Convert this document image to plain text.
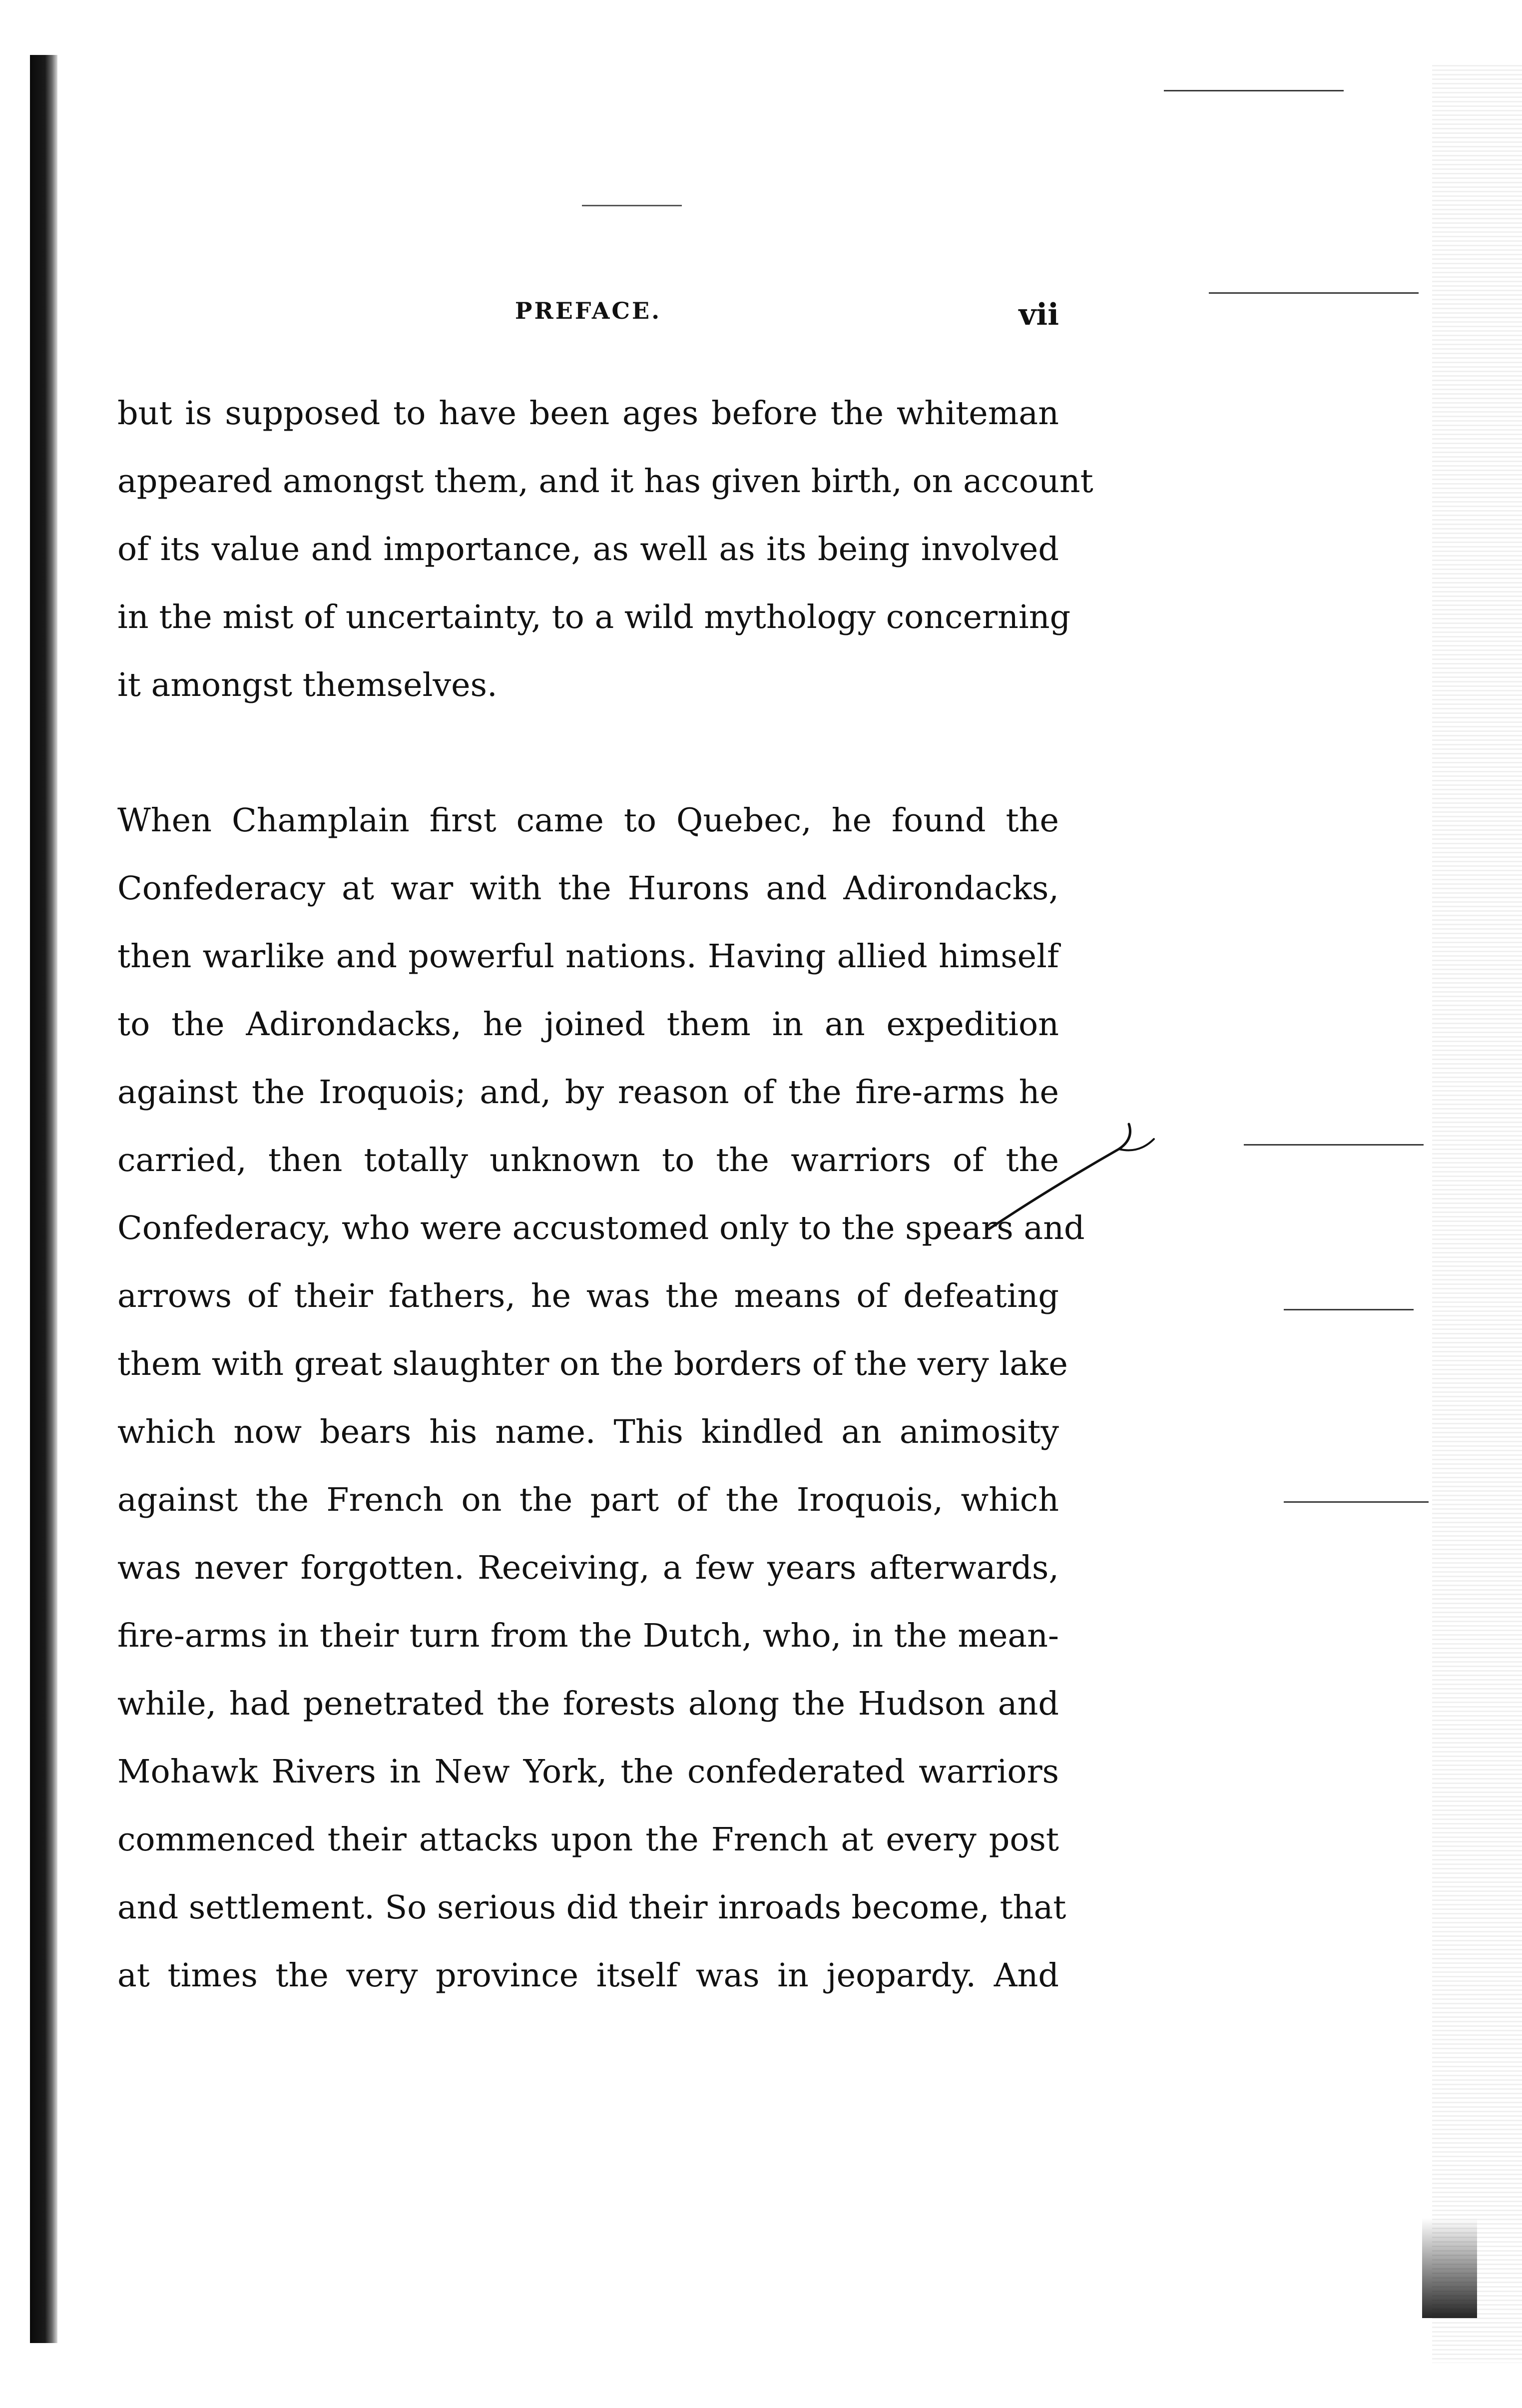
PREFACE.	vii
but is supposed to have been ages before the whiteman
appeared amongst them, and it has given birth, on account
of its value and importance, as well as its being involved
in the mist of uncertainty, to a wild mythology concerning
it amongst themselves.
When Champlain first came to Quebec, he found the
Confederacy at war with the Hurons and Adirondacks,
then warlike and powerful nations. Having allied himself
to the Adirondacks, he joined them in an expedition
against the Iroquois; and, by reason of the fire-arms he
carried, then totally unknown to the warriors of the
Confederacy, who were accustomed only to the spears and
arrows of their fathers, he was the means of defeating
them with great slaughter on the borders of the very lake
which now bears his name. This kindled an animosity
against the French on the part of the Iroquois, which
was never forgotten. Receiving, a few years afterwards,
fire-arms in their turn from the Dutch, who, in the mean-
while, had penetrated the forests along the Hudson and
Mohawk Rivers in New York, the confederated warriors
commenced their attacks upon the French at every post
and settlement. So serious did their inroads become, that
at times the very province itself was in jeopardy. And
